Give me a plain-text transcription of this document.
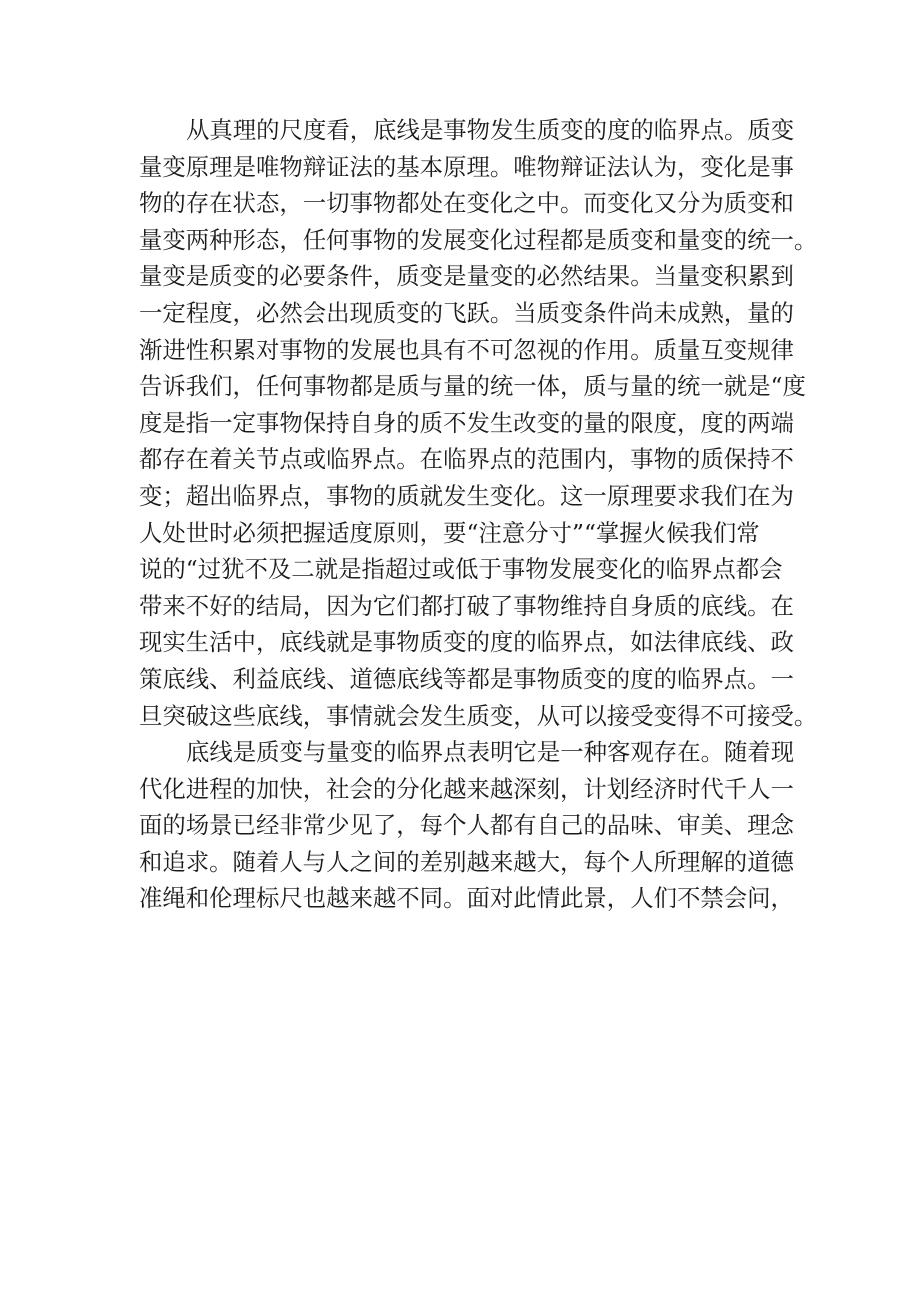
从真理的尺度看，底线是事物发生质变的度的临界点。质变
量变原理是唯物辩证法的基本原理。唯物辩证法认为，变化是事
物的存在状态，一切事物都处在变化之中。而变化又分为质变和
量变两种形态，任何事物的发展变化过程都是质变和量变的统一。
量变是质变的必要条件，质变是量变的必然结果。当量变积累到
一定程度，必然会出现质变的飞跃。当质变条件尚未成熟，量的
渐进性积累对事物的发展也具有不可忽视的作用。质量互变规律
告诉我们，任何事物都是质与量的统一体，质与量的统一就是“度
度是指一定事物保持自身的质不发生改变的量的限度，度的两端
都存在着关节点或临界点。在临界点的范围内，事物的质保持不
变；超出临界点，事物的质就发生变化。这一原理要求我们在为
人处世时必须把握适度原则，要“注意分寸”“掌握火候我们常
说的“过犹不及二就是指超过或低于事物发展变化的临界点都会
带来不好的结局，因为它们都打破了事物维持自身质的底线。在
现实生活中，底线就是事物质变的度的临界点，如法律底线、政
策底线、利益底线、道德底线等都是事物质变的度的临界点。一
旦突破这些底线，事情就会发生质变，从可以接受变得不可接受。
底线是质变与量变的临界点表明它是一种客观存在。随着现
代化进程的加快，社会的分化越来越深刻，计划经济时代千人一
面的场景已经非常少见了，每个人都有自己的品味、审美、理念
和追求。随着人与人之间的差别越来越大，每个人所理解的道德
准绳和伦理标尺也越来越不同。面对此情此景，人们不禁会问，
